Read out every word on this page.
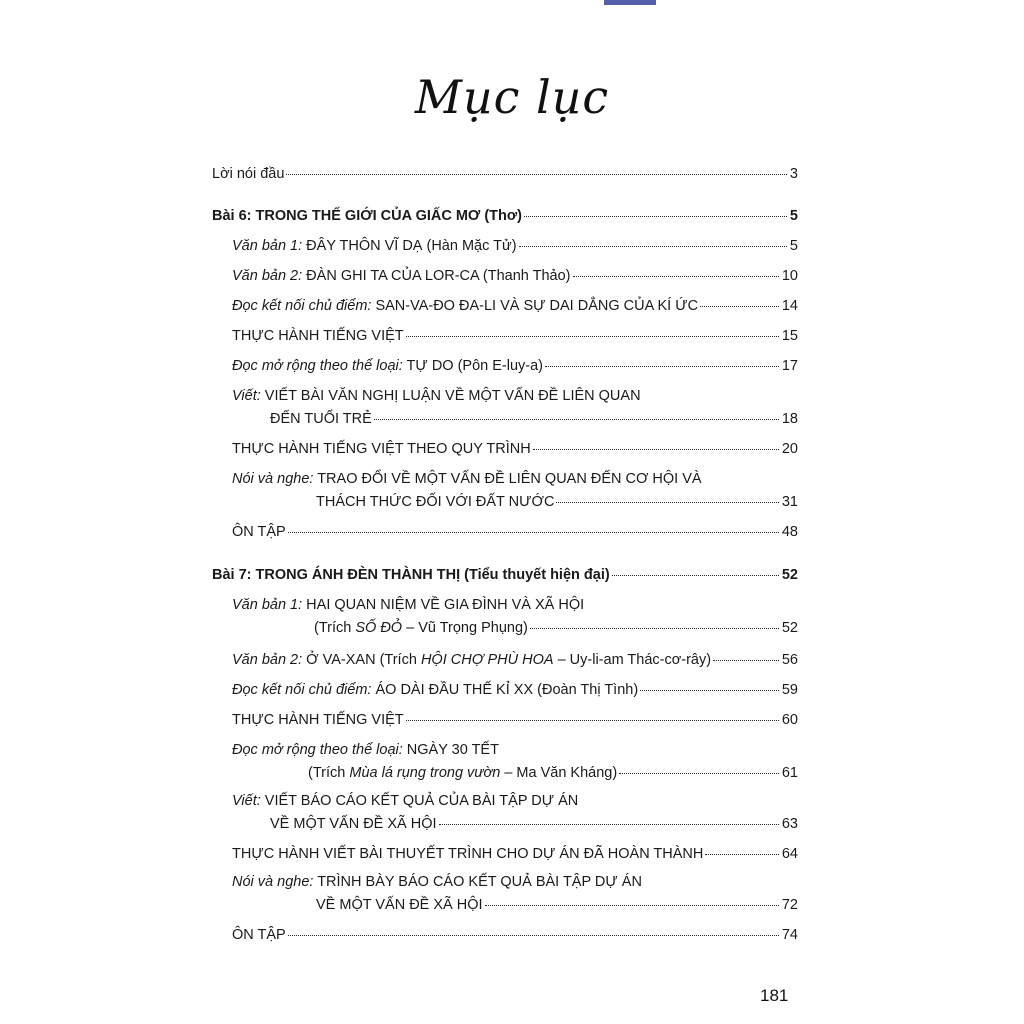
Mục lục
Lời nói đầu	3
Bài 6: TRONG THẾ GIỚI CỦA GIẤC MƠ (Thơ)	5
Văn bản 1: ĐÂY THÔN VĨ DẠ (Hàn Mặc Tử)	5
Văn bản 2: ĐÀN GHI TA CỦA LOR-CA (Thanh Thảo)	10
Đọc kết nối chủ điểm: SAN-VA-ĐO ĐA-LI VÀ SỰ DAI DẲNG CỦA KÍ ỨC	14
THỰC HÀNH TIẾNG VIỆT	15
Đọc mở rộng theo thể loại: TỰ DO (Pôn E-luy-a)	17
Viết: VIẾT BÀI VĂN NGHỊ LUẬN VỀ MỘT VẤN ĐỀ LIÊN QUAN
ĐẾN TUỔI TRẺ	18
THỰC HÀNH TIẾNG VIỆT THEO QUY TRÌNH	20
Nói và nghe: TRAO ĐỔI VỀ MỘT VẤN ĐỀ LIÊN QUAN ĐẾN CƠ HỘI VÀ
THÁCH THỨC ĐỐI VỚI ĐẤT NƯỚC	31
ÔN TẬP	48
Bài 7: TRONG ÁNH ĐÈN THÀNH THỊ (Tiểu thuyết hiện đại)	52
Văn bản 1: HAI QUAN NIỆM VỀ GIA ĐÌNH VÀ XÃ HỘI
(Trích SỐ ĐỎ – Vũ Trọng Phụng)	52
Văn bản 2: Ở VA-XAN (Trích HỘI CHỢ PHÙ HOA – Uy-li-am Thác-cơ-rây)	56
Đọc kết nối chủ điểm: ÁO DÀI ĐẦU THẾ KỈ XX (Đoàn Thị Tình)	59
THỰC HÀNH TIẾNG VIỆT	60
Đọc mở rộng theo thể loại: NGÀY 30 TẾT
(Trích Mùa lá rụng trong vườn – Ma Văn Kháng)	61
Viết: VIẾT BÁO CÁO KẾT QUẢ CỦA BÀI TẬP DỰ ÁN
VỀ MỘT VẤN ĐỀ XÃ HỘI	63
THỰC HÀNH VIẾT BÀI THUYẾT TRÌNH CHO DỰ ÁN ĐÃ HOÀN THÀNH	64
Nói và nghe: TRÌNH BÀY BÁO CÁO KẾT QUẢ BÀI TẬP DỰ ÁN
VỀ MỘT VẤN ĐỀ XÃ HỘI	72
ÔN TẬP	74
181
